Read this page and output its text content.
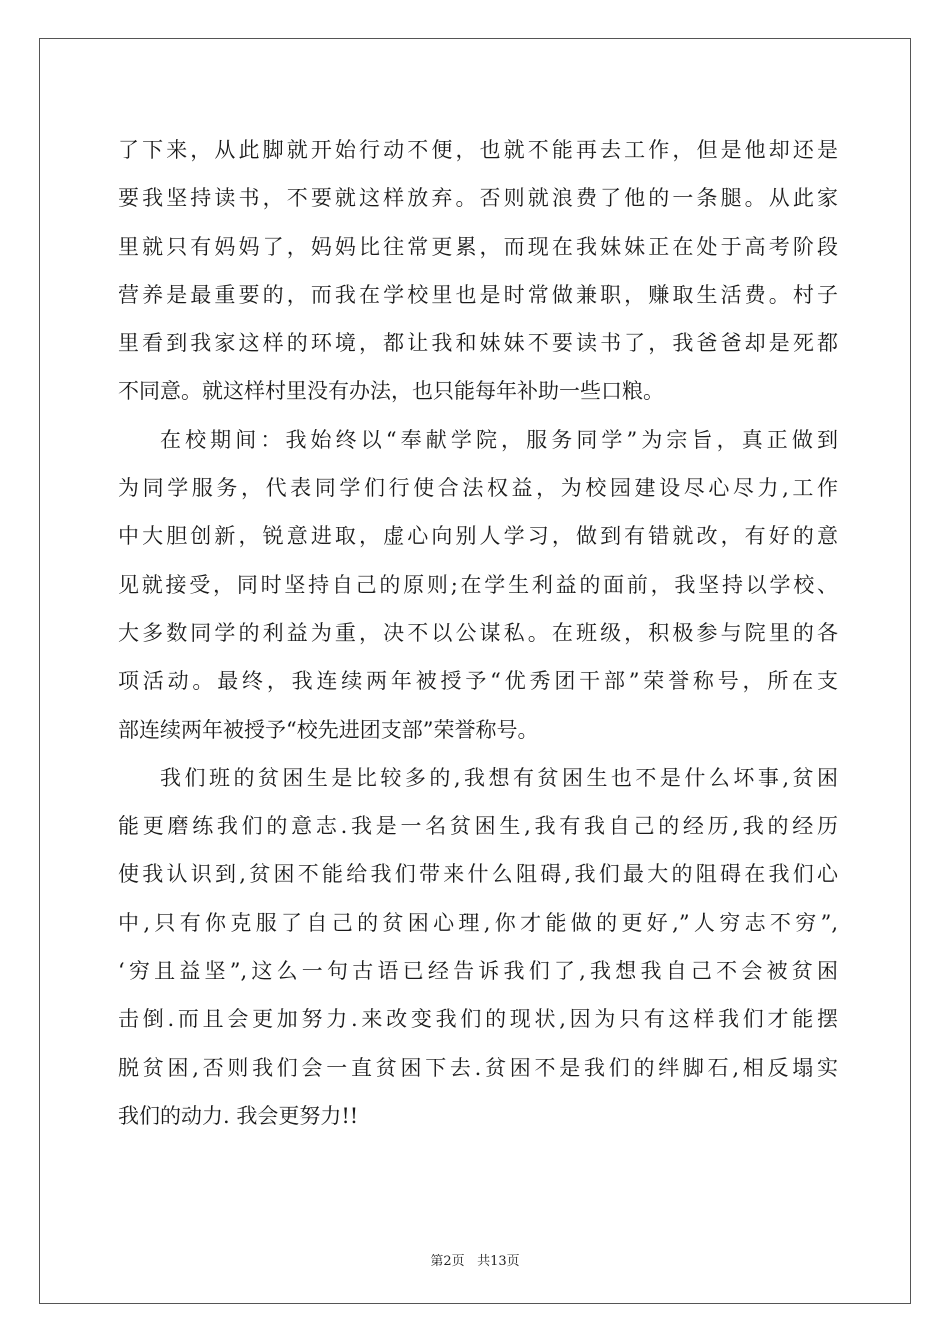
了下来，从此脚就开始行动不便，也就不能再去工作，但是他却还是
要我坚持读书，不要就这样放弃。否则就浪费了他的一条腿。从此家
里就只有妈妈了，妈妈比往常更累，而现在我妹妹正在处于高考阶段
营养是最重要的，而我在学校里也是时常做兼职，赚取生活费。村子
里看到我家这样的环境，都让我和妹妹不要读书了，我爸爸却是死都
不同意。就这样村里没有办法，也只能每年补助一些口粮。
在校期间：我始终以“奉献学院，服务同学”为宗旨，真正做到
为同学服务，代表同学们行使合法权益，为校园建设尽心尽力,工作
中大胆创新，锐意进取，虚心向别人学习，做到有错就改，有好的意
见就接受，同时坚持自己的原则;在学生利益的面前，我坚持以学校、
大多数同学的利益为重，决不以公谋私。在班级，积极参与院里的各
项活动。最终，我连续两年被授予“优秀团干部”荣誉称号，所在支
部连续两年被授予“校先进团支部”荣誉称号。
我们班的贫困生是比较多的,我想有贫困生也不是什么坏事,贫困
能更磨练我们的意志.我是一名贫困生,我有我自己的经历,我的经历
使我认识到,贫困不能给我们带来什么阻碍,我们最大的阻碍在我们心
中,只有你克服了自己的贫困心理,你才能做的更好,”人穷志不穷”,
‘穷且益坚”,这么一句古语已经告诉我们了,我想我自己不会被贫困
击倒.而且会更加努力.来改变我们的现状,因为只有这样我们才能摆
脱贫困,否则我们会一直贫困下去.贫困不是我们的绊脚石,相反塌实
我们的动力. 我会更努力!!
第2页 共13页
